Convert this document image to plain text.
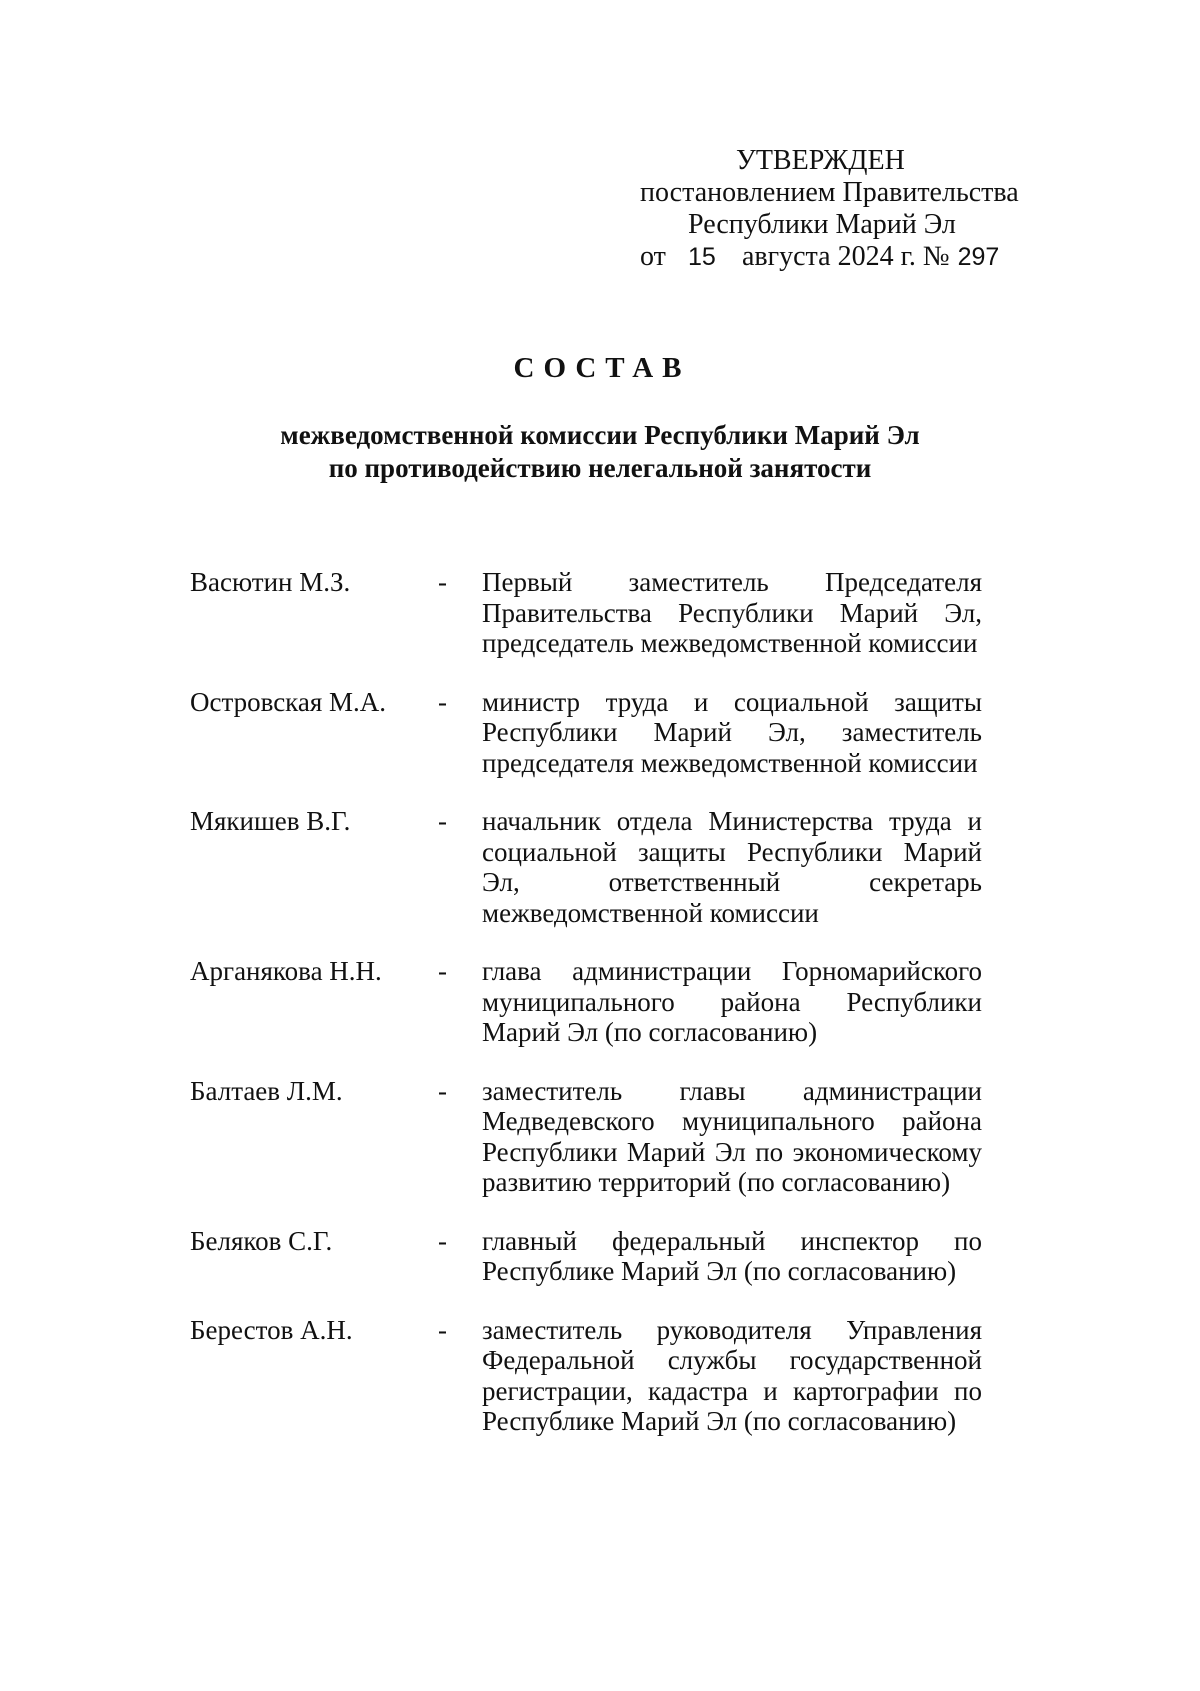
УТВЕРЖДЕН
постановлением Правительства
Республики Марий Эл
от 15 августа 2024 г. № 297
СОСТАВ
межведомственной комиссии Республики Марий Эл
по противодействию нелегальной занятости
Васютин М.З.	-	Первый заместитель Председателя Правительства Республики Марий Эл, председатель межведомственной комиссии
Островская М.А.	-	министр труда и социальной защиты Республики Марий Эл, заместитель председателя межведомственной комиссии
Мякишев В.Г.	-	начальник отдела Министерства труда и социальной защиты Республики Марий Эл, ответственный секретарь межведомственной комиссии
Арганякова Н.Н.	-	глава администрации Горномарийского муниципального района Республики Марий Эл (по согласованию)
Балтаев Л.М.	-	заместитель главы администрации Медведевского муниципального района Республики Марий Эл по экономическому развитию территорий (по согласованию)
Беляков С.Г.	-	главный федеральный инспектор по Республике Марий Эл (по согласованию)
Берестов А.Н.	-	заместитель руководителя Управления Федеральной службы государственной регистрации, кадастра и картографии по Республике Марий Эл (по согласованию)
